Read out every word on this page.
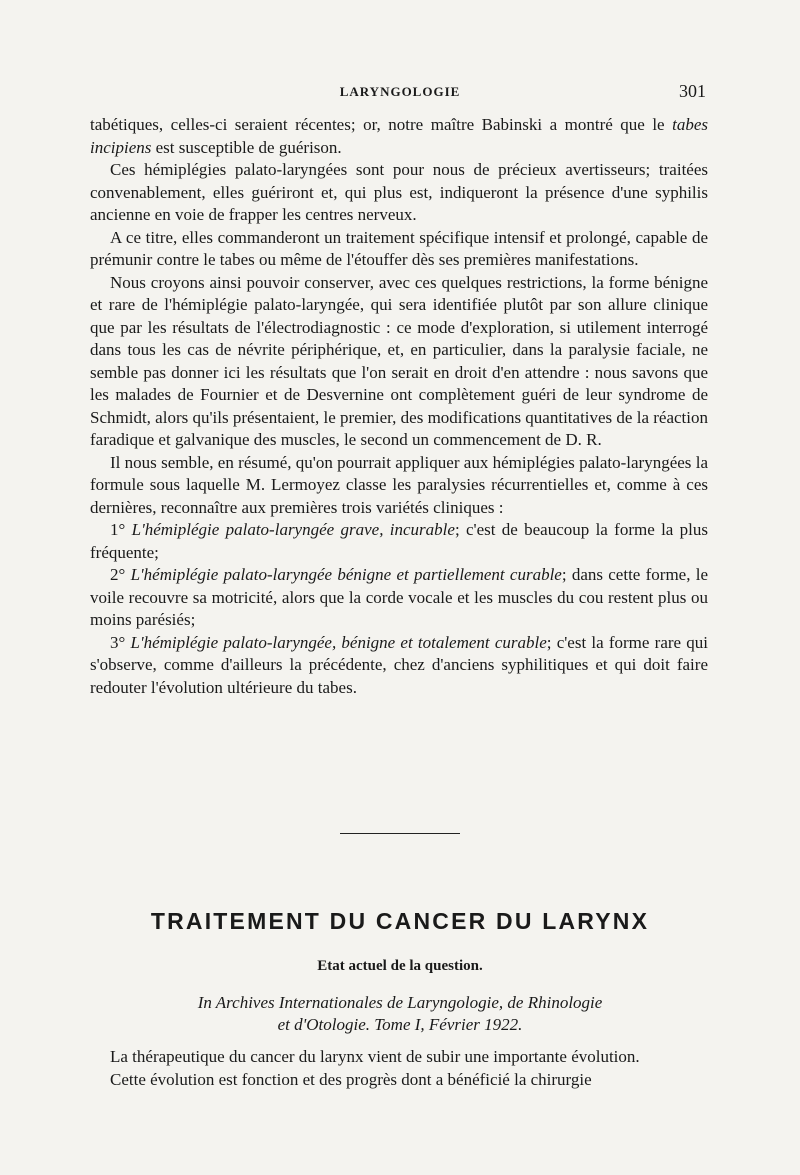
LARYNGOLOGIE	301

tabétiques, celles-ci seraient récentes; or, notre maître Babinski a montré que le tabes incipiens est susceptible de guérison.

Ces hémiplégies palato-laryngées sont pour nous de précieux avertisseurs; traitées convenablement, elles guériront et, qui plus est, indiqueront la présence d'une syphilis ancienne en voie de frapper les centres nerveux.

A ce titre, elles commanderont un traitement spécifique intensif et prolongé, capable de prémunir contre le tabes ou même de l'étouffer dès ses premières manifestations.

Nous croyons ainsi pouvoir conserver, avec ces quelques restrictions, la forme bénigne et rare de l'hémiplégie palato-laryngée, qui sera identifiée plutôt par son allure clinique que par les résultats de l'électrodiagnostic : ce mode d'exploration, si utilement interrogé dans tous les cas de névrite périphérique, et, en particulier, dans la paralysie faciale, ne semble pas donner ici les résultats que l'on serait en droit d'en attendre : nous savons que les malades de Fournier et de Desvernine ont complètement guéri de leur syndrome de Schmidt, alors qu'ils présentaient, le premier, des modifications quantitatives de la réaction faradique et galvanique des muscles, le second un commencement de D. R.

Il nous semble, en résumé, qu'on pourrait appliquer aux hémiplégies palato-laryngées la formule sous laquelle M. Lermoyez classe les paralysies récurrentielles et, comme à ces dernières, reconnaître aux premières trois variétés cliniques :

1° L'hémiplégie palato-laryngée grave, incurable; c'est de beaucoup la forme la plus fréquente;

2° L'hémiplégie palato-laryngée bénigne et partiellement curable; dans cette forme, le voile recouvre sa motricité, alors que la corde vocale et les muscles du cou restent plus ou moins parésiés;

3° L'hémiplégie palato-laryngée, bénigne et totalement curable; c'est la forme rare qui s'observe, comme d'ailleurs la précédente, chez d'anciens syphilitiques et qui doit faire redouter l'évolution ultérieure du tabes.

TRAITEMENT DU CANCER DU LARYNX
Etat actuel de la question.
In Archives Internationales de Laryngologie, de Rhinologie
et d'Otologie. Tome I, Février 1922.

La thérapeutique du cancer du larynx vient de subir une importante évolution.

Cette évolution est fonction et des progrès dont a bénéficié la chirurgie
